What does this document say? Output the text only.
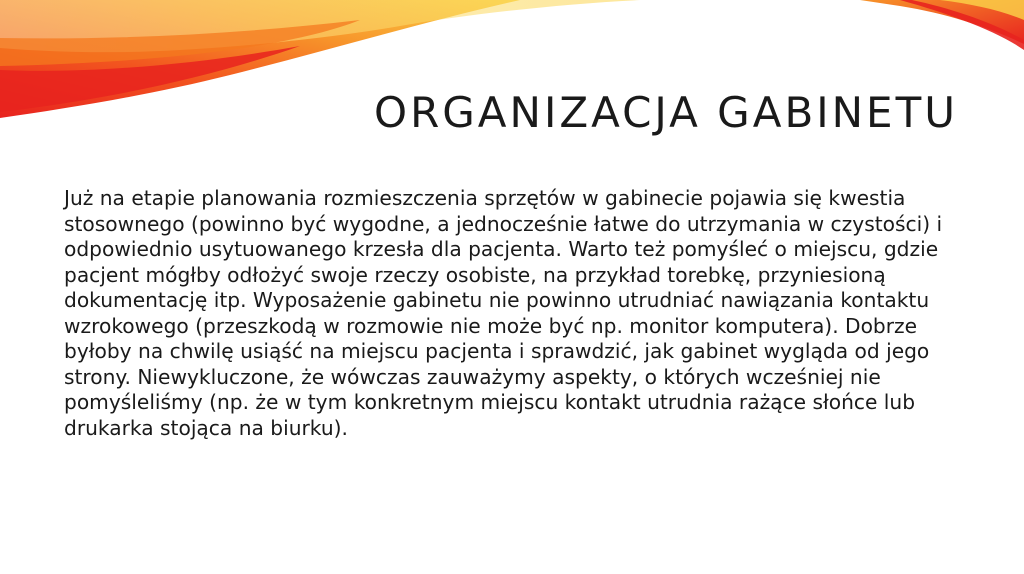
ORGANIZACJA GABINETU

Już na etapie planowania rozmieszczenia sprzętów w gabinecie pojawia się kwestia stosownego (powinno być wygodne, a jednocześnie łatwe do utrzymania w czystości) i odpowiednio usytuowanego krzesła dla pacjenta. Warto też pomyśleć o miejscu, gdzie pacjent mógłby odłożyć swoje rzeczy osobiste, na przykład torebkę, przyniesioną dokumentację itp. Wyposażenie gabinetu nie powinno utrudniać nawiązania kontaktu wzrokowego (przeszkodą w rozmowie nie może być np. monitor komputera). Dobrze byłoby na chwilę usiąść na miejscu pacjenta i sprawdzić, jak gabinet wygląda od jego strony. Niewykluczone, że wówczas zauważymy aspekty, o których wcześniej nie pomyśleliśmy (np. że w tym konkretnym miejscu kontakt utrudnia rażące słońce lub drukarka stojąca na biurku).
